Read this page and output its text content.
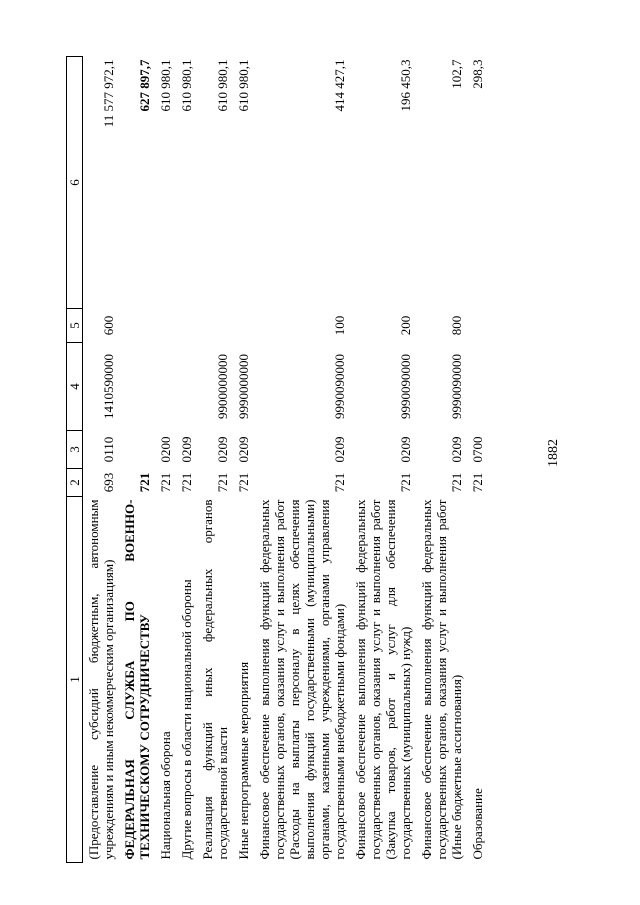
1882
1	2	3	4	5	6
(Предоставление субсидий бюджетным, автономным учреждениям и иным некоммерческим организациям)	693	0110	1410590000	600	11 577 972,1
ФЕДЕРАЛЬНАЯ СЛУЖБА ПО ВОЕННО-ТЕХНИЧЕСКОМУ СОТРУДНИЧЕСТВУ	721				627 897,7
Национальная оборона	721	0200			610 980,1
Другие вопросы в области национальной обороны	721	0209			610 980,1
Реализация функций иных федеральных органов государственной власти	721	0209	9900000000		610 980,1
Иные непрограммные мероприятия	721	0209	9990000000		610 980,1
Финансовое обеспечение выполнения функций федеральных государственных органов, оказания услуг и выполнения работ (Расходы на выплаты персоналу в целях обеспечения выполнения функций государственными (муниципальными) органами, казенными учреждениями, органами управления государственными внебюджетными фондами)	721	0209	9990090000	100	414 427,1
Финансовое обеспечение выполнения функций федеральных государственных органов, оказания услуг и выполнения работ (Закупка товаров, работ и услуг для обеспечения государственных (муниципальных) нужд)	721	0209	9990090000	200	196 450,3
Финансовое обеспечение выполнения функций федеральных государственных органов, оказания услуг и выполнения работ (Иные бюджетные ассигнования)	721	0209	9990090000	800	102,7
Образование	721	0700			298,3
